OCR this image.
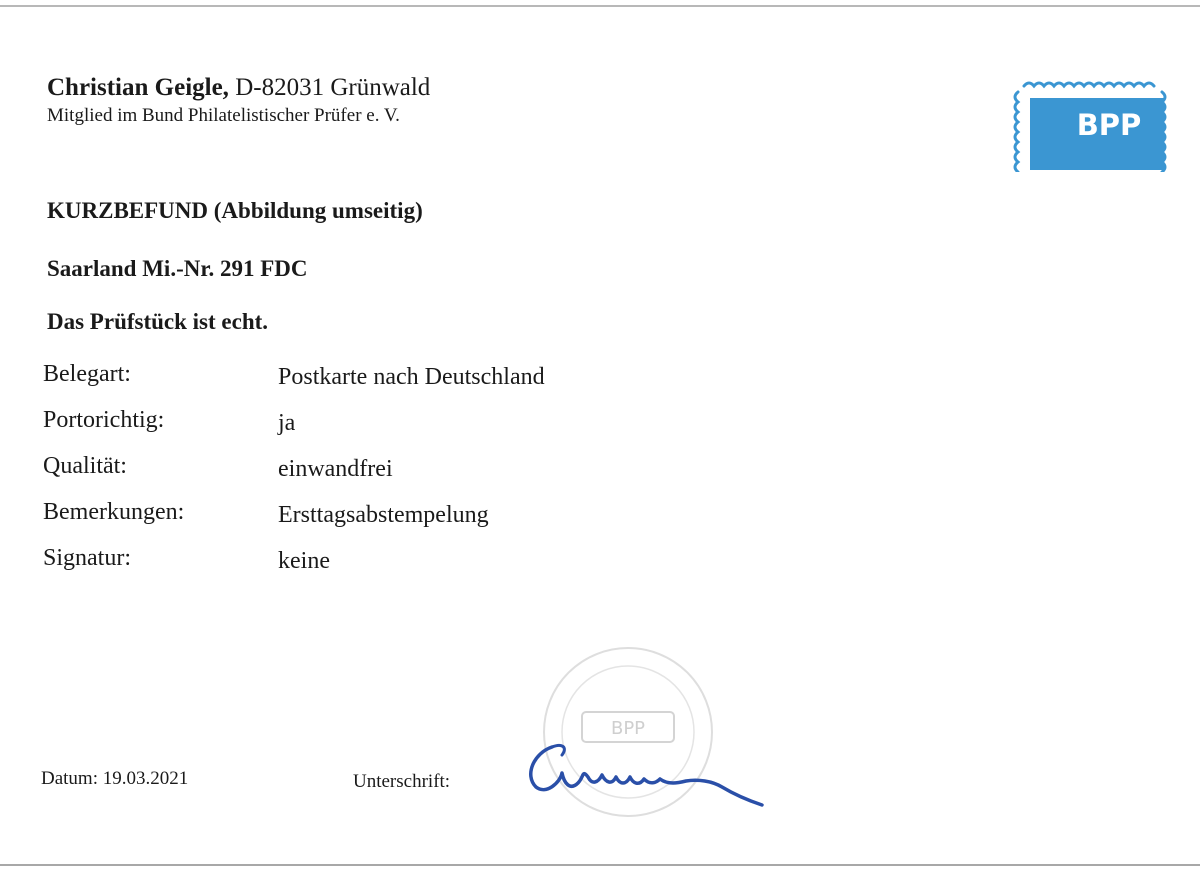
Christian Geigle, D-82031 Grünwald
Mitglied im Bund Philatelistischer Prüfer e. V.	BPP
KURZBEFUND (Abbildung umseitig)
Saarland Mi.-Nr. 291 FDC
Das Prüfstück ist echt.
Belegart:	Postkarte nach Deutschland
Portorichtig:	ja
Qualität:	einwandfrei
Bemerkungen:	Ersttagsabstempelung
Signatur:	keine
BPP
Datum: 19.03.2021	Unterschrift:
